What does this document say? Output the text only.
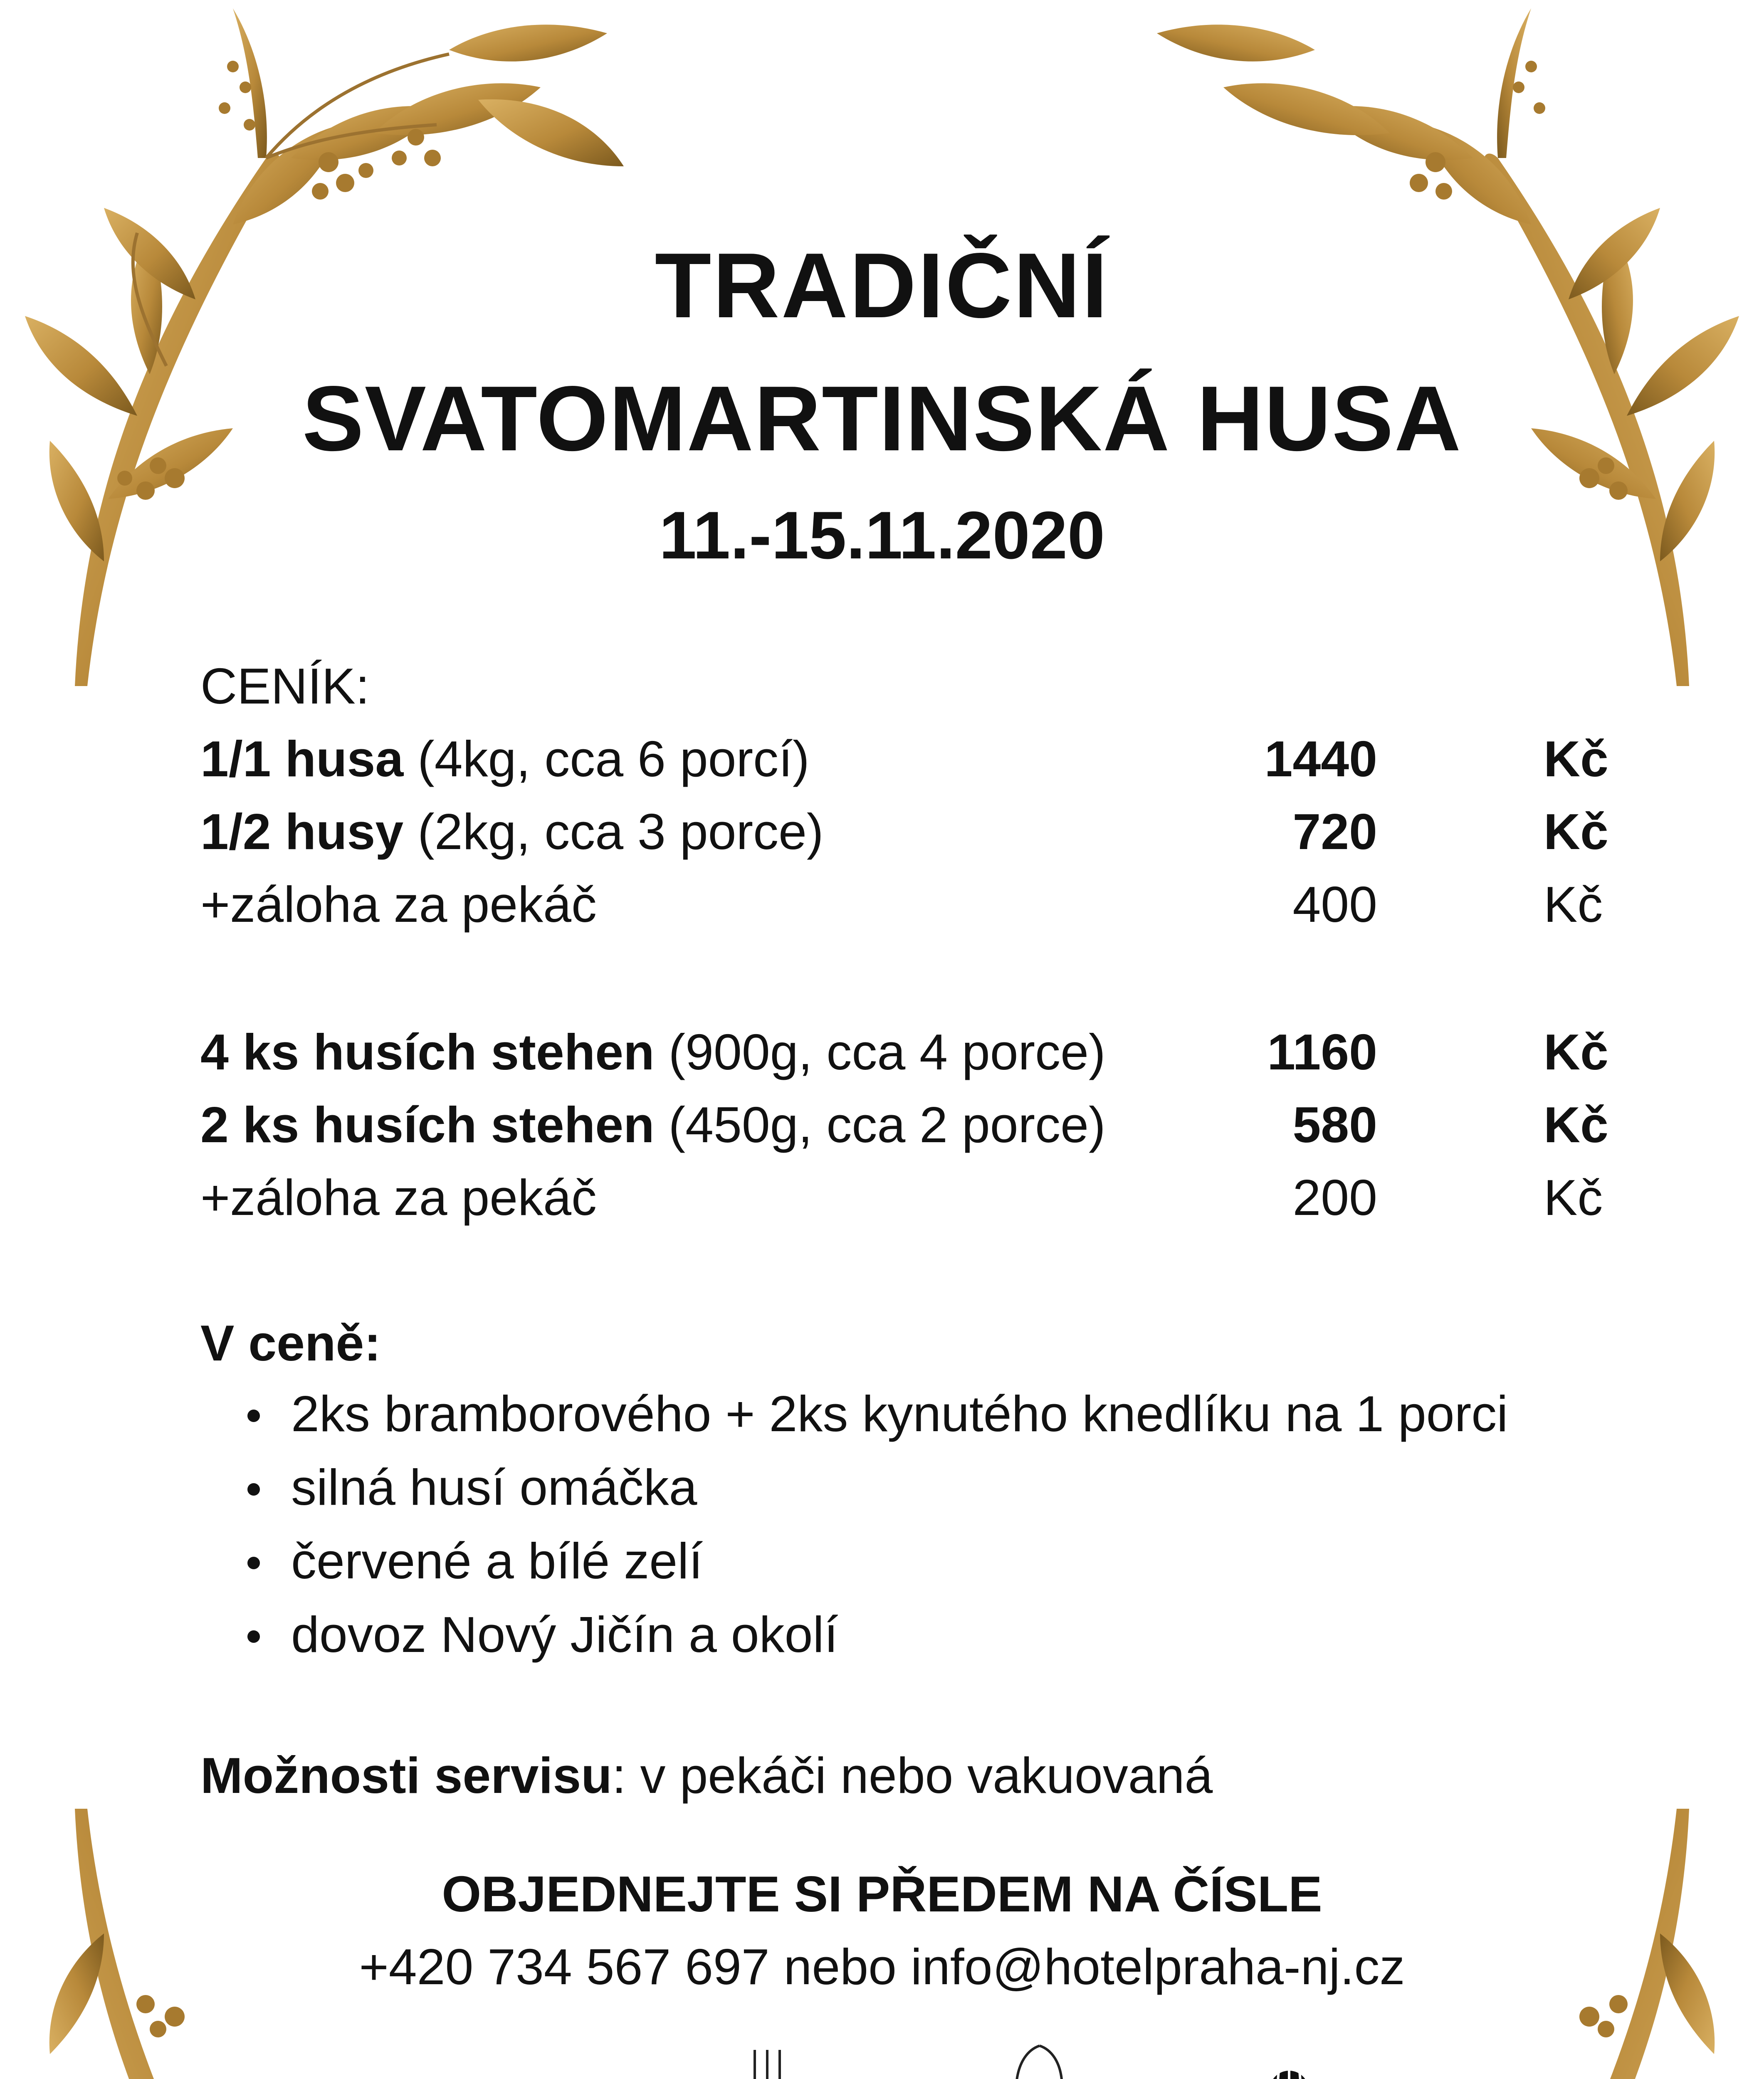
TRADIČNÍ
SVATOMARTINSKÁ HUSA
11.-15.11.2020
CENÍK:
1/1 husa (4kg, cca 6 porcí)	1440	Kč
1/2 husy (2kg, cca 3 porce)	720	Kč
+záloha za pekáč	400	Kč
4 ks husích stehen (900g, cca 4 porce)	1160	Kč
2 ks husích stehen (450g, cca 2 porce)	580	Kč
+záloha za pekáč	200	Kč
V ceně:
2ks bramborového + 2ks kynutého knedlíku na 1 porci
silná husí omáčka
červené a bílé zelí
dovoz Nový Jičín a okolí
Možnosti servisu: v pekáči nebo vakuovaná
OBJEDNEJTE SI PŘEDEM NA ČÍSLE
+420 734 567 697 nebo info@hotelpraha-nj.cz
